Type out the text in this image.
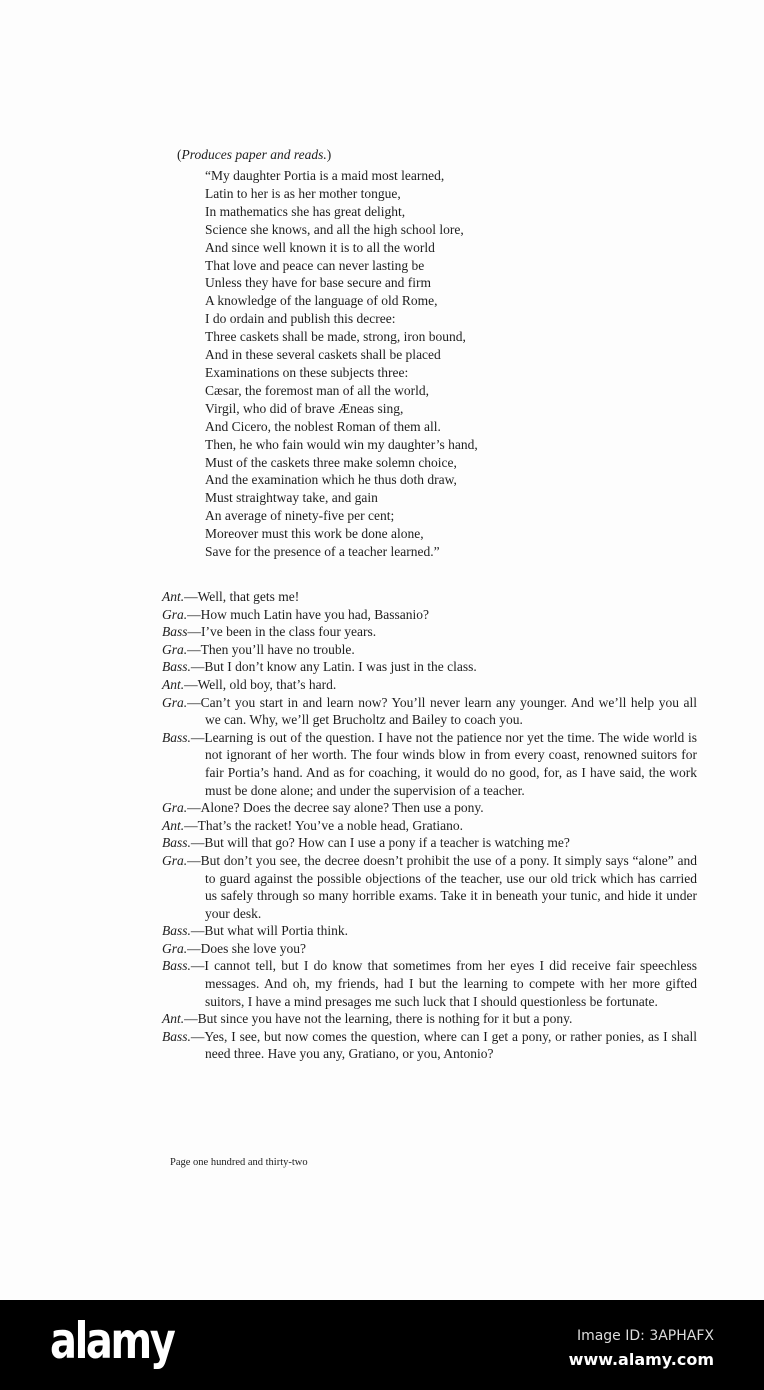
(Produces paper and reads.)
“My daughter Portia is a maid most learned,
Latin to her is as her mother tongue,
In mathematics she has great delight,
Science she knows, and all the high school lore,
And since well known it is to all the world
That love and peace can never lasting be
Unless they have for base secure and firm
A knowledge of the language of old Rome,
I do ordain and publish this decree:
Three caskets shall be made, strong, iron bound,
And in these several caskets shall be placed
Examinations on these subjects three:
Cæsar, the foremost man of all the world,
Virgil, who did of brave Æneas sing,
And Cicero, the noblest Roman of them all.
Then, he who fain would win my daughter’s hand,
Must of the caskets three make solemn choice,
And the examination which he thus doth draw,
Must straightway take, and gain
An average of ninety-five per cent;
Moreover must this work be done alone,
Save for the presence of a teacher learned.”
Ant.—Well, that gets me!
Gra.—How much Latin have you had, Bassanio?
Bass—I’ve been in the class four years.
Gra.—Then you’ll have no trouble.
Bass.—But I don’t know any Latin. I was just in the class.
Ant.—Well, old boy, that’s hard.
Gra.—Can’t you start in and learn now? You’ll never learn any younger. And we’ll help you all we can. Why, we’ll get Brucholtz and Bailey to coach you.
Bass.—Learning is out of the question. I have not the patience nor yet the time. The wide world is not ignorant of her worth. The four winds blow in from every coast, renowned suitors for fair Portia’s hand. And as for coaching, it would do no good, for, as I have said, the work must be done alone; and under the supervision of a teacher.
Gra.—Alone? Does the decree say alone? Then use a pony.
Ant.—That’s the racket! You’ve a noble head, Gratiano.
Bass.—But will that go? How can I use a pony if a teacher is watching me?
Gra.—But don’t you see, the decree doesn’t prohibit the use of a pony. It simply says “alone” and to guard against the possible objections of the teacher, use our old trick which has carried us safely through so many horrible exams. Take it in beneath your tunic, and hide it under your desk.
Bass.—But what will Portia think.
Gra.—Does she love you?
Bass.—I cannot tell, but I do know that sometimes from her eyes I did receive fair speechless messages. And oh, my friends, had I but the learning to compete with her more gifted suitors, I have a mind presages me such luck that I should questionless be fortunate.
Ant.—But since you have not the learning, there is nothing for it but a pony.
Bass.—Yes, I see, but now comes the question, where can I get a pony, or rather ponies, as I shall need three. Have you any, Gratiano, or you, Antonio?
Page one hundred and thirty-two
alamy	Image ID: 3APHAFX
www.alamy.com
